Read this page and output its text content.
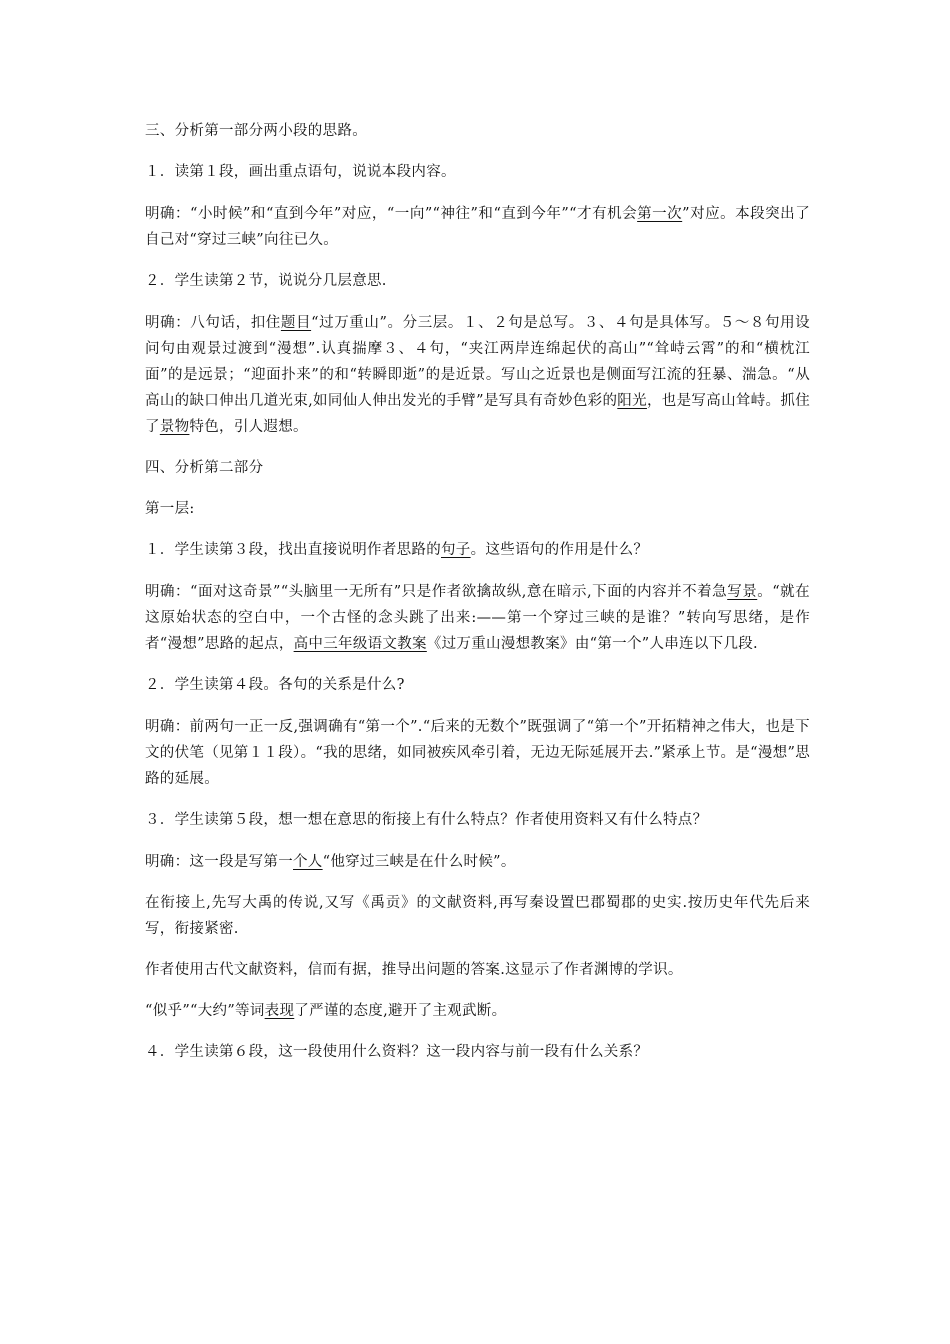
三、分析第一部分两小段的思路。

１．读第１段，画出重点语句，说说本段内容。

明确：“小时候”和“直到今年”对应，“一向”“神往”和“直到今年”“才有机会第一次”对应。本段突出了自己对“穿过三峡”向往已久。

２．学生读第２节，说说分几层意思.

明确：八句话，扣住题目“过万重山”。分三层。１、２句是总写。３、４句是具体写。５～８句用设问句由观景过渡到“漫想”.认真揣摩３、４句，“夹江两岸连绵起伏的高山”“耸峙云霄”的和“横枕江面”的是远景；“迎面扑来”的和“转瞬即逝”的是近景。写山之近景也是侧面写江流的狂暴、湍急。“从高山的缺口伸出几道光束,如同仙人伸出发光的手臂”是写具有奇妙色彩的阳光，也是写高山耸峙。抓住了景物特色，引人遐想。

四、分析第二部分

第一层:

１．学生读第３段，找出直接说明作者思路的句子。这些语句的作用是什么？

明确：“面对这奇景”“头脑里一无所有”只是作者欲擒故纵,意在暗示,下面的内容并不着急写景。“就在这原始状态的空白中，一个古怪的念头跳了出来:——第一个穿过三峡的是谁？”转向写思绪，是作者“漫想”思路的起点，高中三年级语文教案《过万重山漫想教案》由“第一个”人串连以下几段.

２．学生读第４段。各句的关系是什么?

明确：前两句一正一反,强调确有“第一个”.“后来的无数个”既强调了“第一个”开拓精神之伟大，也是下文的伏笔（见第１１段）。“我的思绪，如同被疾风牵引着，无边无际延展开去.”紧承上节。是“漫想”思路的延展。

３．学生读第５段，想一想在意思的衔接上有什么特点？作者使用资料又有什么特点？

明确：这一段是写第一个人“他穿过三峡是在什么时候”。

在衔接上,先写大禹的传说,又写《禹贡》的文献资料,再写秦设置巴郡蜀郡的史实.按历史年代先后来写，衔接紧密.

作者使用古代文献资料，信而有据，推导出问题的答案.这显示了作者渊博的学识。

“似乎”“大约”等词表现了严谨的态度,避开了主观武断。

４．学生读第６段，这一段使用什么资料？这一段内容与前一段有什么关系？
